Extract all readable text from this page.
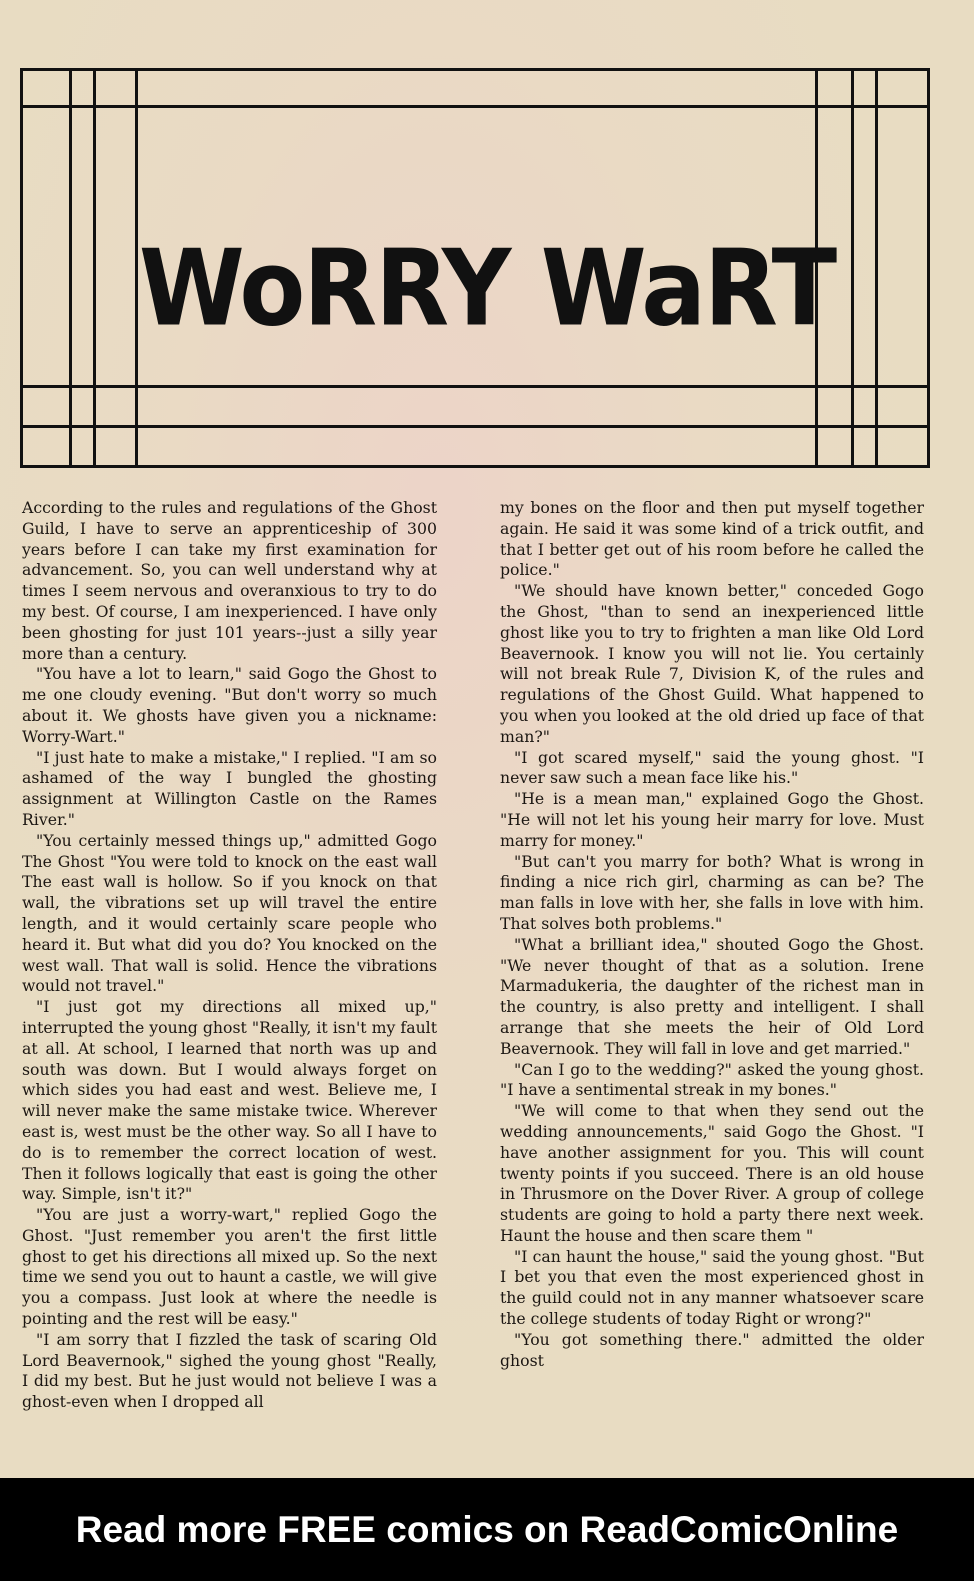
WoRRY WaRT

According to the rules and regulations of the Ghost Guild, I have to serve an apprenticeship of 300 years before I can take my first examination for advancement. So, you can well understand why at times I seem nervous and overanxious to try to do my best. Of course, I am inexperienced. I have only been ghosting for just 101 years--just a silly year more than a century.

"You have a lot to learn," said Gogo the Ghost to me one cloudy evening. "But don't worry so much about it. We ghosts have given you a nickname: Worry-Wart."

"I just hate to make a mistake," I replied. "I am so ashamed of the way I bungled the ghosting assignment at Willington Castle on the Rames River."

"You certainly messed things up," admitted Gogo The Ghost "You were told to knock on the east wall The east wall is hollow. So if you knock on that wall, the vibrations set up will travel the entire length, and it would certainly scare people who heard it. But what did you do? You knocked on the west wall. That wall is solid. Hence the vibrations would not travel."

"I just got my directions all mixed up," interrupted the young ghost "Really, it isn't my fault at all. At school, I learned that north was up and south was down. But I would always forget on which sides you had east and west. Believe me, I will never make the same mistake twice. Wherever east is, west must be the other way. So all I have to do is to remember the correct location of west. Then it follows logically that east is going the other way. Simple, isn't it?"

"You are just a worry-wart," replied Gogo the Ghost. "Just remember you aren't the first little ghost to get his directions all mixed up. So the next time we send you out to haunt a castle, we will give you a compass. Just look at where the needle is pointing and the rest will be easy."

"I am sorry that I fizzled the task of scaring Old Lord Beavernook," sighed the young ghost "Really, I did my best. But he just would not believe I was a ghost-even when I dropped all

my bones on the floor and then put myself together again. He said it was some kind of a trick outfit, and that I better get out of his room before he called the police."

"We should have known better," conceded Gogo the Ghost, "than to send an inexperienced little ghost like you to try to frighten a man like Old Lord Beavernook. I know you will not lie. You certainly will not break Rule 7, Division K, of the rules and regulations of the Ghost Guild. What happened to you when you looked at the old dried up face of that man?"

"I got scared myself," said the young ghost. "I never saw such a mean face like his."

"He is a mean man," explained Gogo the Ghost. "He will not let his young heir marry for love. Must marry for money."

"But can't you marry for both? What is wrong in finding a nice rich girl, charming as can be? The man falls in love with her, she falls in love with him. That solves both problems."

"What a brilliant idea," shouted Gogo the Ghost. "We never thought of that as a solution. Irene Marmadukeria, the daughter of the richest man in the country, is also pretty and intelligent. I shall arrange that she meets the heir of Old Lord Beavernook. They will fall in love and get married."

"Can I go to the wedding?" asked the young ghost. "I have a sentimental streak in my bones."

"We will come to that when they send out the wedding announcements," said Gogo the Ghost. "I have another assignment for you. This will count twenty points if you succeed. There is an old house in Thrusmore on the Dover River. A group of college students are going to hold a party there next week. Haunt the house and then scare them "

"I can haunt the house," said the young ghost. "But I bet you that even the most experienced ghost in the guild could not in any manner whatsoever scare the college students of today Right or wrong?"

"You got something there." admitted the older ghost

Read more FREE comics on ReadComicOnline
